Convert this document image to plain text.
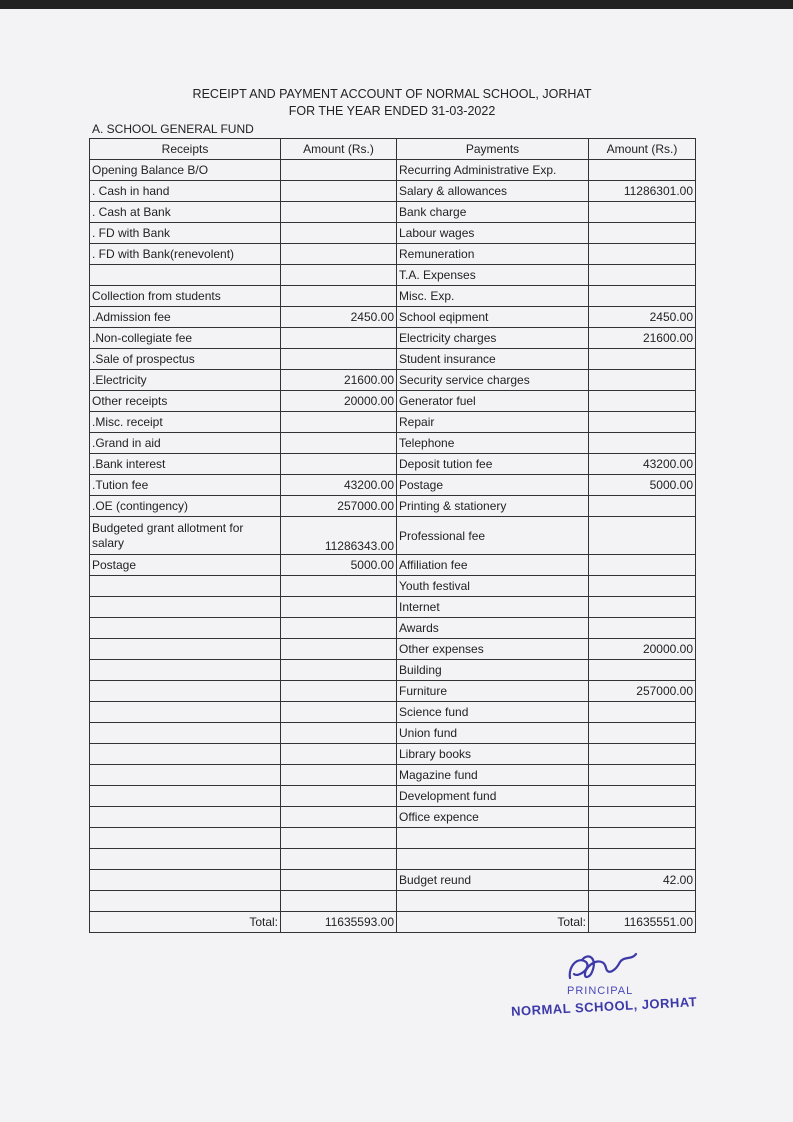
RECEIPT AND PAYMENT ACCOUNT OF NORMAL SCHOOL, JORHAT
FOR THE YEAR ENDED 31-03-2022
A. SCHOOL GENERAL FUND
Receipts	Amount (Rs.)	Payments	Amount (Rs.)
Opening Balance B/O		Recurring Administrative Exp.	
. Cash in hand		Salary & allowances	11286301.00
. Cash at Bank		Bank charge	
. FD with Bank		Labour wages	
. FD with Bank(renevolent)		Remuneration	
		T.A. Expenses	
Collection from students		Misc. Exp.	
.Admission fee	2450.00	School eqipment	2450.00
.Non-collegiate fee		Electricity charges	21600.00
.Sale of prospectus		Student insurance	
.Electricity	21600.00	Security service charges	
Other receipts	20000.00	Generator fuel	
.Misc. receipt		Repair	
.Grand in aid		Telephone	
.Bank interest		Deposit tution fee	43200.00
.Tution fee	43200.00	Postage	5000.00
.OE (contingency)	257000.00	Printing & stationery	
Budgeted grant allotment for salary	11286343.00	Professional fee	
Postage	5000.00	Affiliation fee	
		Youth festival	
		Internet	
		Awards	
		Other expenses	20000.00
		Building	
		Furniture	257000.00
		Science fund	
		Union fund	
		Library books	
		Magazine fund	
		Development fund	
		Office expence	

		Budget reund	42.00

Total:	11635593.00	Total:	11635551.00
PRINCIPAL
NORMAL SCHOOL, JORHAT
